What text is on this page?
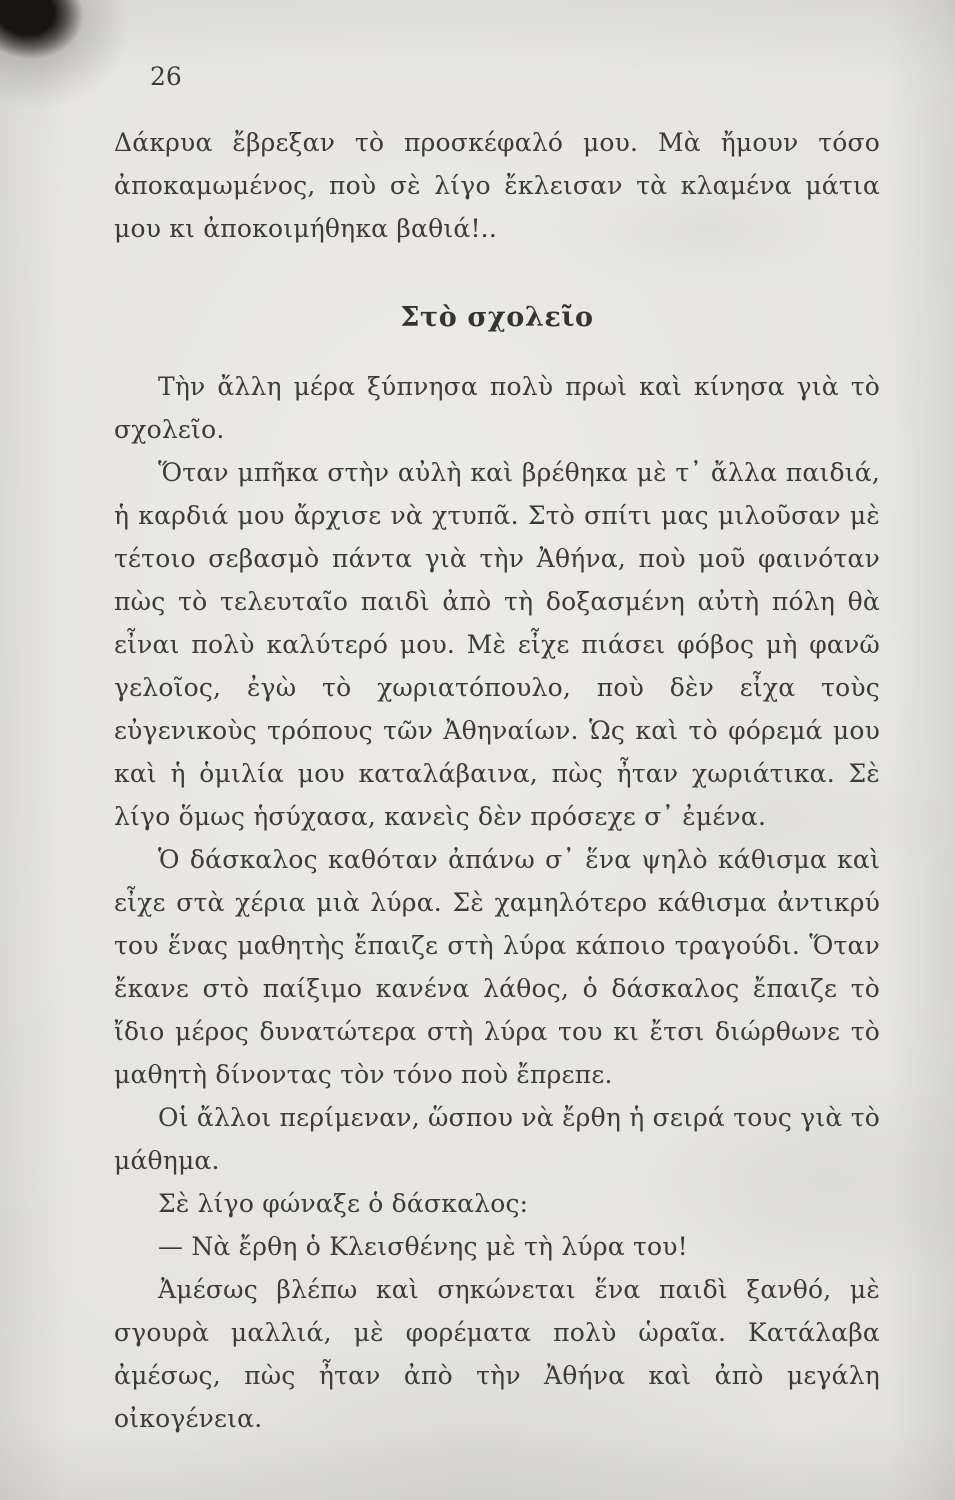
26

Δάκρυα ἔβρεξαν τὸ προσκέφαλό μου. Μὰ ἤμουν τόσο ἀποκαμωμένος, ποὺ σὲ λίγο ἔκλεισαν τὰ κλαμένα μάτια μου κι ἀποκοιμήθηκα βαθιά!..

Στὸ σχολεῖο

Τὴν ἄλλη μέρα ξύπνησα πολὺ πρωὶ καὶ κίνησα γιὰ τὸ σχολεῖο.

Ὅταν μπῆκα στὴν αὐλὴ καὶ βρέθηκα μὲ τ᾿ ἄλλα παιδιά, ἡ καρδιά μου ἄρχισε νὰ χτυπᾶ. Στὸ σπίτι μας μιλοῦσαν μὲ τέτοιο σεβασμὸ πάντα γιὰ τὴν Ἀθήνα, ποὺ μοῦ φαινόταν πὼς τὸ τελευταῖο παιδὶ ἀπὸ τὴ δοξασμένη αὐτὴ πόλη θὰ εἶναι πολὺ καλύτερό μου. Μὲ εἶχε πιάσει φόβος μὴ φανῶ γελοῖος, ἐγὼ τὸ χωριατόπουλο, ποὺ δὲν εἶχα τοὺς εὐγενικοὺς τρόπους τῶν Ἀθηναίων. Ὡς καὶ τὸ φόρεμά μου καὶ ἡ ὁμιλία μου καταλάβαινα, πὼς ἦταν χωριάτικα. Σὲ λίγο ὅμως ἡσύχασα, κανεὶς δὲν πρόσεχε σ᾿ ἐμένα.

Ὁ δάσκαλος καθόταν ἀπάνω σ᾿ ἕνα ψηλὸ κάθισμα καὶ εἶχε στὰ χέρια μιὰ λύρα. Σὲ χαμηλότερο κάθισμα ἀντικρύ του ἕνας μαθητὴς ἔπαιζε στὴ λύρα κάποιο τραγούδι. Ὅταν ἔκανε στὸ παίξιμο κανένα λάθος, ὁ δάσκαλος ἔπαιζε τὸ ἴδιο μέρος δυνατώτερα στὴ λύρα του κι ἔτσι διώρθωνε τὸ μαθητὴ δίνοντας τὸν τόνο ποὺ ἔπρεπε.

Οἱ ἄλλοι περίμεναν, ὥσπου νὰ ἔρθη ἡ σειρά τους γιὰ τὸ μάθημα.

Σὲ λίγο φώναξε ὁ δάσκαλος:

— Νὰ ἔρθη ὁ Κλεισθένης μὲ τὴ λύρα του!

Ἀμέσως βλέπω καὶ σηκώνεται ἕνα παιδὶ ξανθό, μὲ σγουρὰ μαλλιά, μὲ φορέματα πολὺ ὡραῖα. Κατάλαβα ἀμέσως, πὼς ἦταν ἀπὸ τὴν Ἀθήνα καὶ ἀπὸ μεγάλη οἰκογένεια.
